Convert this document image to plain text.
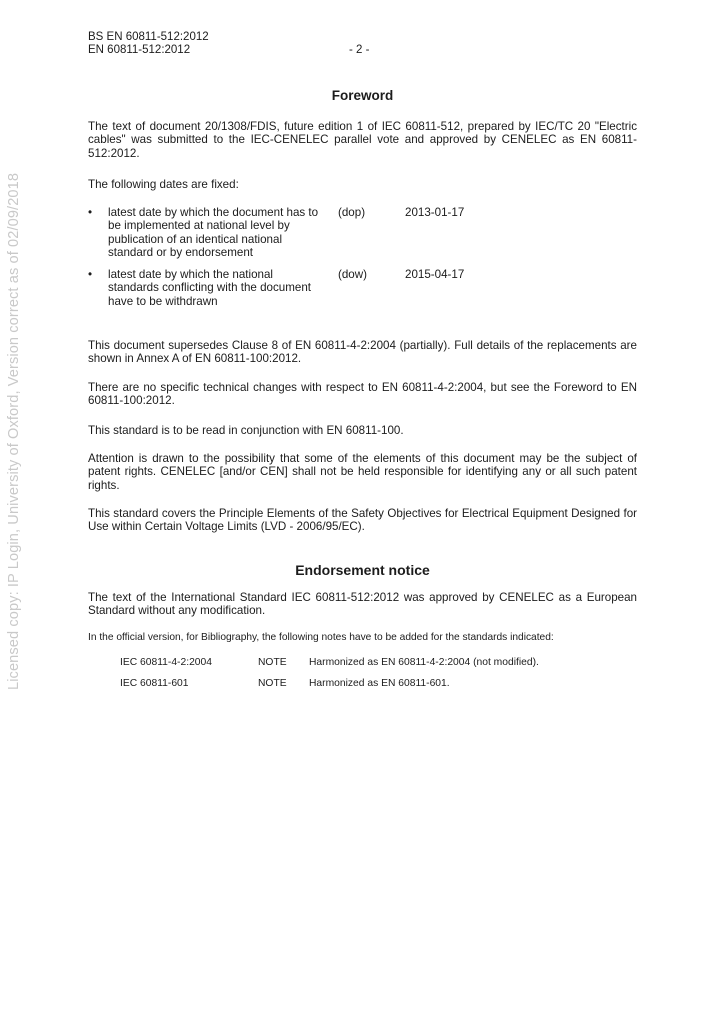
Licensed copy: IP Login, University of Oxford, Version correct as of 02/09/2018
BS EN 60811-512:2012
EN 60811-512:2012	- 2 -
Foreword

The text of document 20/1308/FDIS, future edition 1 of IEC 60811-512, prepared by IEC/TC 20 "Electric cables" was submitted to the IEC-CENELEC parallel vote and approved by CENELEC as EN 60811-512:2012.

The following dates are fixed:

• latest date by which the document has to be implemented at national level by publication of an identical national standard or by endorsement
(dop)	2013-01-17
• latest date by which the national standards conflicting with the document have to be withdrawn
(dow)	2015-04-17

This document supersedes Clause 8 of EN 60811-4-2:2004 (partially). Full details of the replacements are shown in Annex A of EN 60811-100:2012.

There are no specific technical changes with respect to EN 60811-4-2:2004, but see the Foreword to EN 60811-100:2012.

This standard is to be read in conjunction with EN 60811-100.

Attention is drawn to the possibility that some of the elements of this document may be the subject of patent rights. CENELEC [and/or CEN] shall not be held responsible for identifying any or all such patent rights.

This standard covers the Principle Elements of the Safety Objectives for Electrical Equipment Designed for Use within Certain Voltage Limits (LVD - 2006/95/EC).

Endorsement notice

The text of the International Standard IEC 60811-512:2012 was approved by CENELEC as a European Standard without any modification.

In the official version, for Bibliography, the following notes have to be added for the standards indicated:
IEC 60811-4-2:2004	NOTE Harmonized as EN 60811-4-2:2004 (not modified).
IEC 60811-601	NOTE Harmonized as EN 60811-601.
